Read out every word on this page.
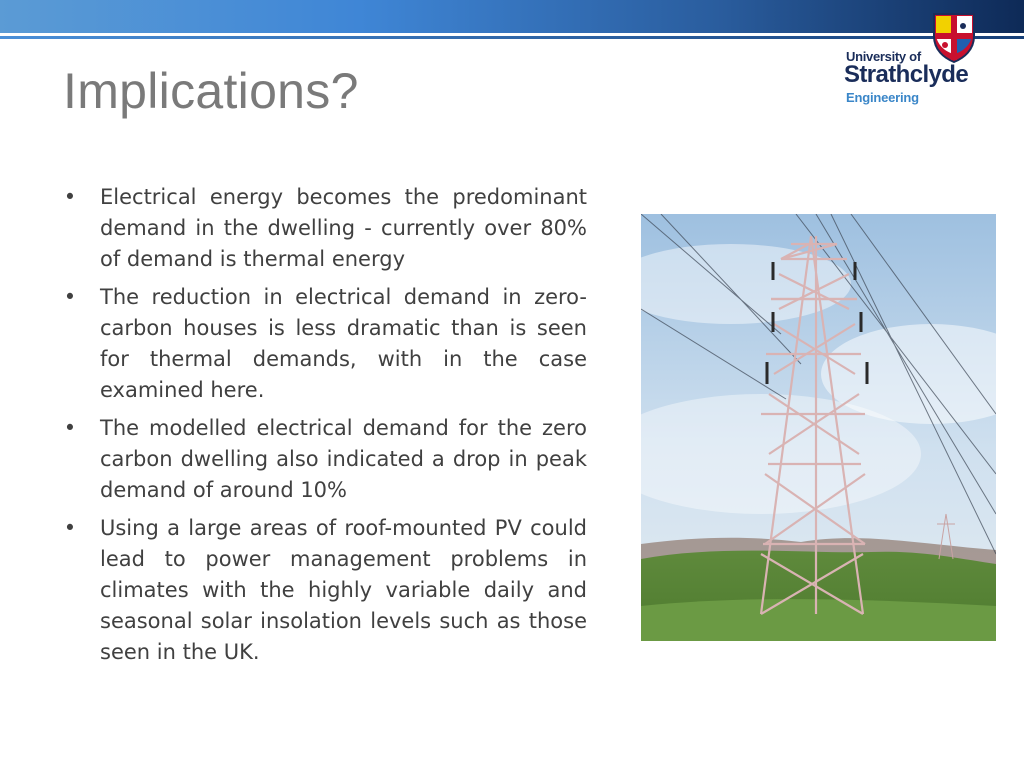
Implications?
University of
Strathclyde
Engineering
• Electrical energy becomes the predominant demand in the dwelling - currently over 80% of demand is thermal energy
• The reduction in electrical demand in zero-carbon houses is less dramatic than is seen for thermal demands, with in the case examined here.
• The modelled electrical demand for the zero carbon dwelling also indicated a drop in peak demand of around 10%
• Using a large areas of roof-mounted PV could lead to power management problems in climates with the highly variable daily and seasonal solar insolation levels such as those seen in the UK.
